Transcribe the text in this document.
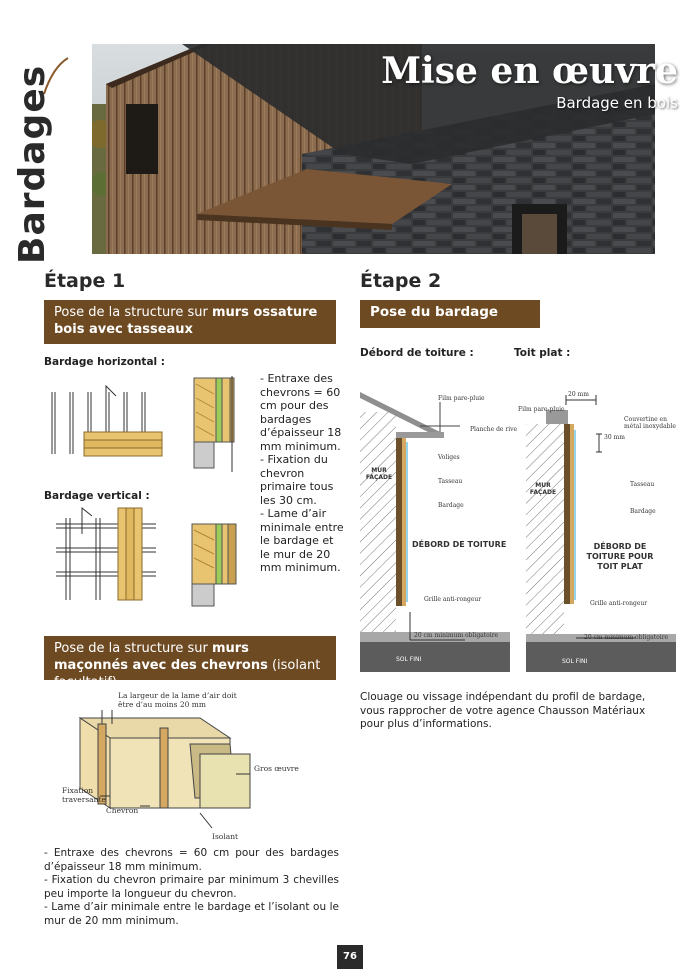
Bardages	Mise en œuvre
Bardage en bois
Étape 1
Pose de la structure sur murs ossature bois avec tasseaux
Bardage horizontal :
Bardage vertical :
- Entraxe des chevrons = 60 cm pour des bardages d’épaisseur 18 mm minimum.
- Fixation du chevron primaire tous les 30 cm.
- Lame d’air minimale entre le bardage et le mur de 20 mm minimum.
Pose de la structure sur murs maçonnés avec des chevrons (isolant facultatif)
La largeur de la lame d’air doit être d’au moins 20 mm
Gros œuvre
Fixation traversante
Chevron
Isolant
- Entraxe des chevrons = 60 cm pour des bardages d’épaisseur 18 mm minimum.
- Fixation du chevron primaire par minimum 3 chevilles peu importe la longueur du chevron.
- Lame d’air minimale entre le bardage et l’isolant ou le mur de 20 mm minimum.
Étape 2
Pose du bardage
Débord de toiture :	Toit plat :
Film pare-pluie
Planche de rive
Voliges
Tasseau
Bardage
MUR FAÇADE
DÉBORD DE TOITURE
Grille anti-rongeur
20 cm minimum obligatoire
SOL FINI
20 mm
Film pare-pluie
Couvertine en métal inoxydable
30 mm
Tasseau
Bardage
MUR FAÇADE
DÉBORD DE TOITURE POUR TOIT PLAT
Grille anti-rongeur
20 cm minimum obligatoire
SOL FINI
Clouage ou vissage indépendant du profil de bardage, vous rapprocher de votre agence Chausson Matériaux pour plus d’informations.
76
